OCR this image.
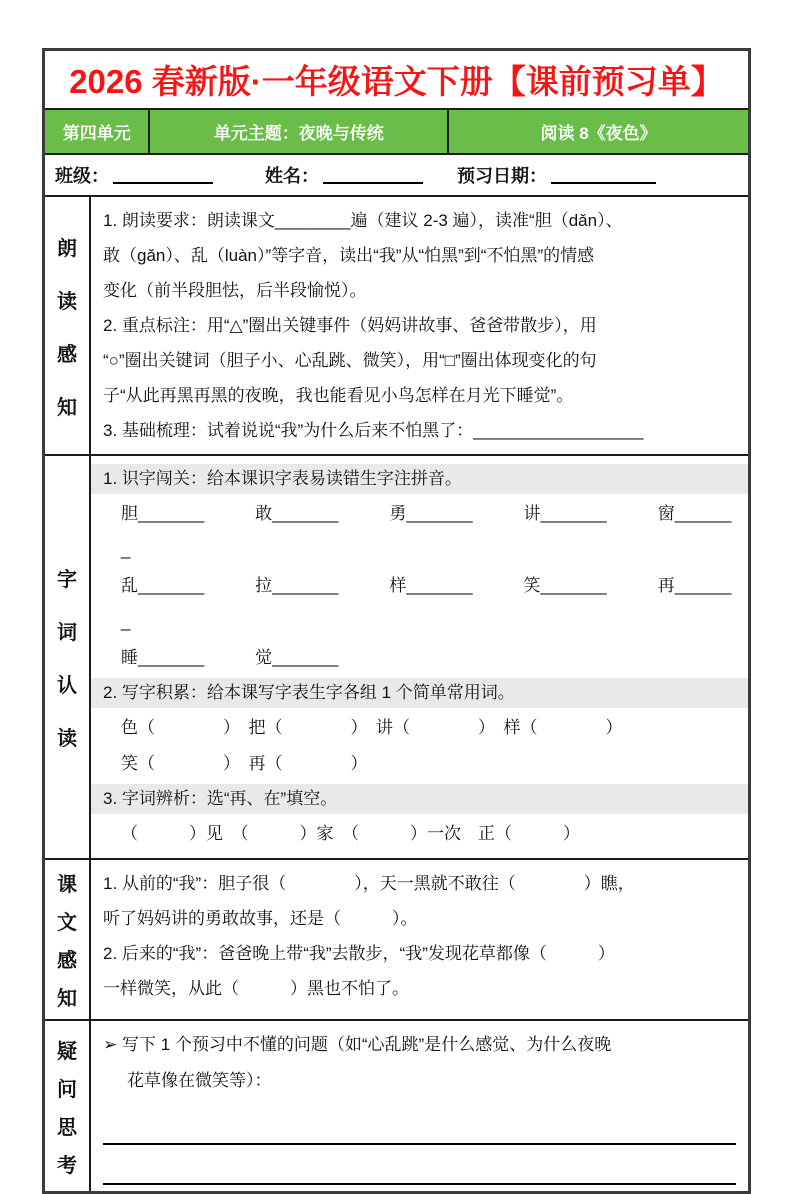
2026 春新版·一年级语文下册【课前预习单】
第四单元	单元主题：夜晚与传统	阅读 8《夜色》
班级：	姓名：	预习日期：
朗
读
感
知
1. 朗读要求：朗读课文________遍（建议 2-3 遍），读准“胆（dǎn）、
敢（gǎn）、乱（luàn）”等字音，读出“我”从“怕黑”到“不怕黑”的情感
变化（前半段胆怯，后半段愉悦）。
2. 重点标注：用“△”圈出关键事件（妈妈讲故事、爸爸带散步），用
“○”圈出关键词（胆子小、心乱跳、微笑），用“□”圈出体现变化的句
子“从此再黑再黑的夜晚，我也能看见小鸟怎样在月光下睡觉”。
3. 基础梳理：试着说说“我”为什么后来不怕黑了：__________________
字
词
认
读
1. 识字闯关：给本课识字表易读错生字注拼音。
胆_______　　　敢_______　　　勇_______　　　讲_______　　　窗_______
乱_______　　　拉_______　　　样_______　　　笑_______　　　再_______
睡_______　　　觉_______
2. 写字积累：给本课写字表生字各组 1 个简单常用词。
色（　　　　）　把（　　　　）　讲（　　　　）　样（　　　　）
笑（　　　　）　再（　　　　）
3. 字词辨析：选“再、在”填空。
（　　　）见　（　　　）家　（　　　）一次　正（　　　）
课
文
感
知
1. 从前的“我”：胆子很（　　　　），天一黑就不敢往（　　　　）瞧，
听了妈妈讲的勇敢故事，还是（　　　）。
2. 后来的“我”：爸爸晚上带“我”去散步，“我”发现花草都像（　　　）
一样微笑，从此（　　　）黑也不怕了。
疑
问
思
考
➢ 写下 1 个预习中不懂的问题（如“心乱跳”是什么感觉、为什么夜晚
花草像在微笑等）：
